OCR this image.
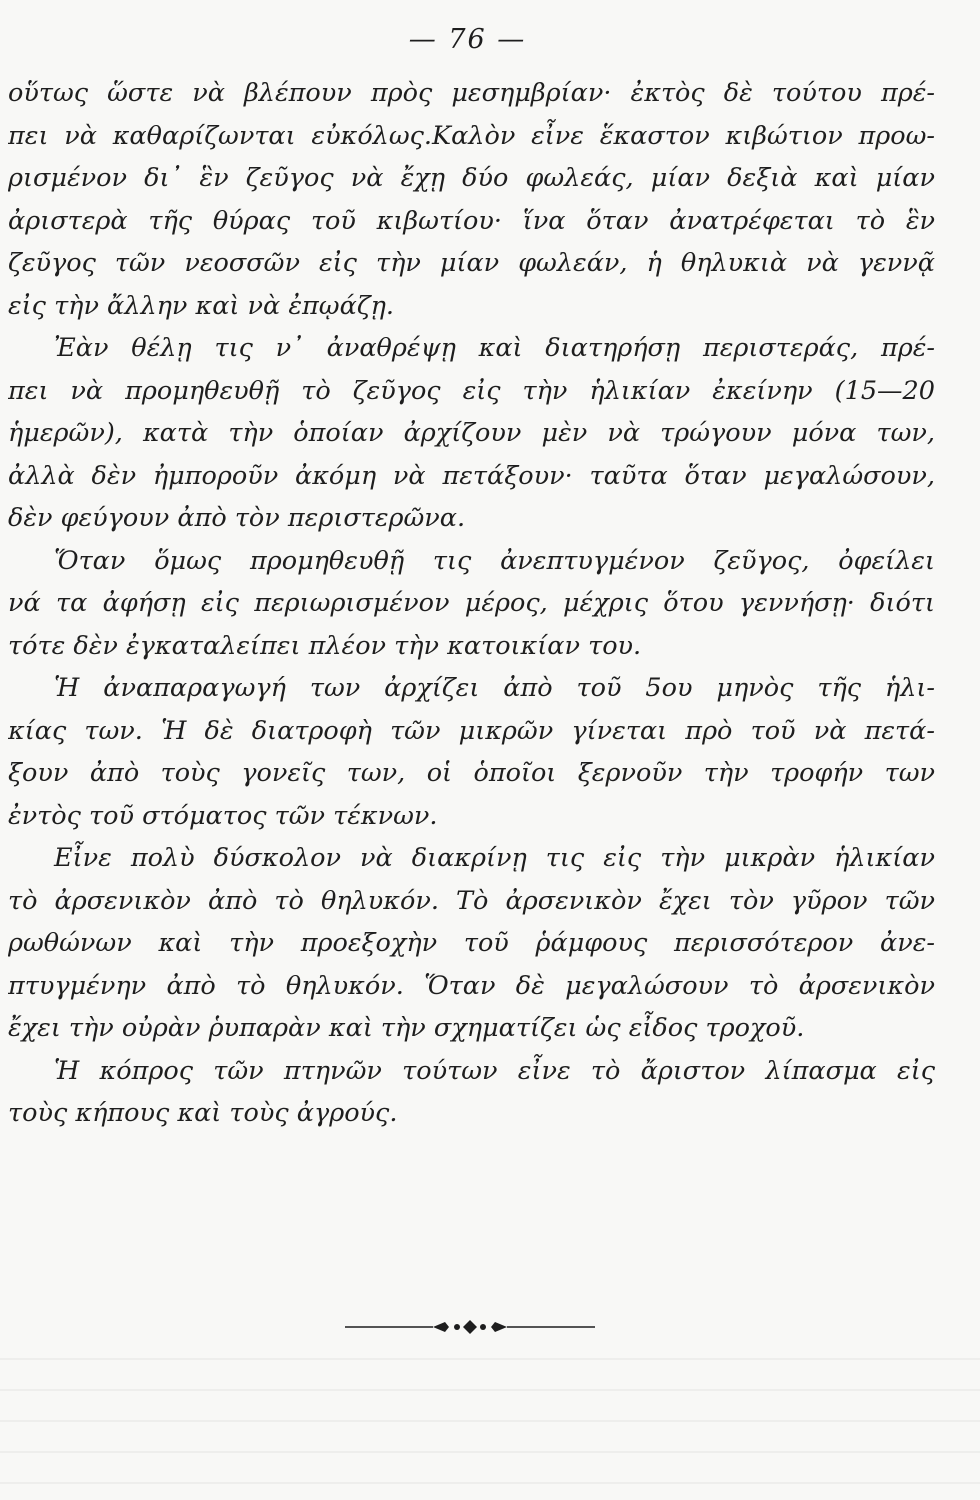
— 76 —
οὕτως ὥστε νὰ βλέπουν πρὸς μεσημβρίαν· ἐκτὸς δὲ τούτου πρέ-
πει νὰ καθαρίζωνται εὐκόλως.Καλὸν εἶνε ἕκαστον κιβώτιον προω-
ρισμένον δι᾿ ἓν ζεῦγος νὰ ἔχῃ δύο φωλεάς, μίαν δεξιὰ καὶ μίαν
ἀριστερὰ τῆς θύρας τοῦ κιβωτίου· ἵνα ὅταν ἀνατρέφεται τὸ ἓν
ζεῦγος τῶν νεοσσῶν εἰς τὴν μίαν φωλεάν, ἡ θηλυκιὰ νὰ γεννᾷ
εἰς τὴν ἄλλην καὶ νὰ ἐπῳάζῃ.
Ἐὰν θέλῃ τις ν᾿ ἀναθρέψῃ καὶ διατηρήσῃ περιστεράς, πρέ-
πει νὰ προμηθευθῇ τὸ ζεῦγος εἰς τὴν ἡλικίαν ἐκείνην (15—20
ἡμερῶν), κατὰ τὴν ὁποίαν ἀρχίζουν μὲν νὰ τρώγουν μόνα των,
ἀλλὰ δὲν ἠμποροῦν ἀκόμη νὰ πετάξουν· ταῦτα ὅταν μεγαλώσουν,
δὲν φεύγουν ἀπὸ τὸν περιστερῶνα.
Ὅταν ὅμως προμηθευθῇ τις ἀνεπτυγμένον ζεῦγος, ὀφείλει
νά τα ἀφήσῃ εἰς περιωρισμένον μέρος, μέχρις ὅτου γεννήσῃ· διότι
τότε δὲν ἐγκαταλείπει πλέον τὴν κατοικίαν του.
Ἡ ἀναπαραγωγή των ἀρχίζει ἀπὸ τοῦ 5ου μηνὸς τῆς ἡλι-
κίας των. Ἡ δὲ διατροφὴ τῶν μικρῶν γίνεται πρὸ τοῦ νὰ πετά-
ξουν ἀπὸ τοὺς γονεῖς των, οἱ ὁποῖοι ξερνοῦν τὴν τροφήν των
ἐντὸς τοῦ στόματος τῶν τέκνων.
Εἶνε πολὺ δύσκολον νὰ διακρίνῃ τις εἰς τὴν μικρὰν ἡλικίαν
τὸ ἀρσενικὸν ἀπὸ τὸ θηλυκόν. Τὸ ἀρσενικὸν ἔχει τὸν γῦρον τῶν
ρωθώνων καὶ τὴν προεξοχὴν τοῦ ῥάμφους περισσότερον ἀνε-
πτυγμένην ἀπὸ τὸ θηλυκόν. Ὅταν δὲ μεγαλώσουν τὸ ἀρσενικὸν
ἔχει τὴν οὐρὰν ῥυπαρὰν καὶ τὴν σχηματίζει ὡς εἶδος τροχοῦ.
Ἡ κόπρος τῶν πτηνῶν τούτων εἶνε τὸ ἄριστον λίπασμα εἰς
τοὺς κήπους καὶ τοὺς ἀγρούς.
